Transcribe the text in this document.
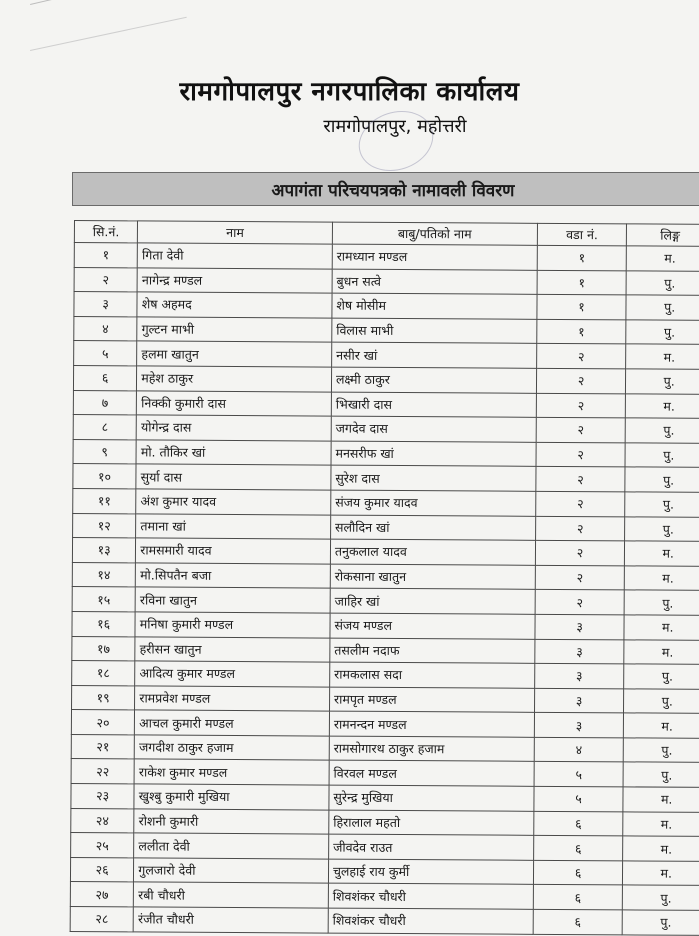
रामगोपालपुर नगरपालिका कार्यालय
रामगोपालपुर, महोत्तरी
अपागंता परिचयपत्रको नामावली विवरण
सि.नं.	नाम	बाबु/पतिको नाम	वडा नं.	लिङ्ग
१	गिता देवी	रामध्यान मण्डल	१	म.
२	नागेन्द्र मण्डल	बुधन सत्वे	१	पु.
३	शेष अहमद	शेष मोसीम	१	पु.
४	गुल्टन माभी	विलास माभी	१	पु.
५	हलमा खातुन	नसीर खां	२	म.
६	महेश ठाकुर	लक्ष्मी ठाकुर	२	पु.
७	निक्की कुमारी दास	भिखारी दास	२	म.
८	योगेन्द्र दास	जगदेव दास	२	पु.
९	मो. तौकिर खां	मनसरीफ खां	२	पु.
१०	सुर्या दास	सुरेश दास	२	पु.
११	अंश कुमार यादव	संजय कुमार यादव	२	पु.
१२	तमाना खां	सलौदिन खां	२	पु.
१३	रामसमारी यादव	तनुकलाल यादव	२	म.
१४	मो.सिपतैन बजा	रोकसाना खातुन	२	म.
१५	रविना खातुन	जाहिर खां	२	पु.
१६	मनिषा कुमारी मण्डल	संजय मण्डल	३	म.
१७	हरीसन खातुन	तसलीम नदाफ	३	म.
१८	आदित्य कुमार मण्डल	रामकलास सदा	३	पु.
१९	रामप्रवेश मण्डल	रामपृत मण्डल	३	पु.
२०	आचल कुमारी मण्डल	रामनन्दन मण्डल	३	म.
२१	जगदीश ठाकुर हजाम	रामसोगारथ ठाकुर हजाम	४	पु.
२२	राकेश कुमार मण्डल	विरवल मण्डल	५	पु.
२३	खुश्बु कुमारी मुखिया	सुरेन्द्र मुखिया	५	म.
२४	रोशनी कुमारी	हिरालाल महतो	६	म.
२५	ललीता देवी	जीवदेव राउत	६	म.
२६	गुलजारो देवी	चुलहाई राय कुर्मी	६	म.
२७	रबी चौधरी	शिवशंकर चौधरी	६	पु.
२८	रंजीत चौधरी	शिवशंकर चौधरी	६	पु.
